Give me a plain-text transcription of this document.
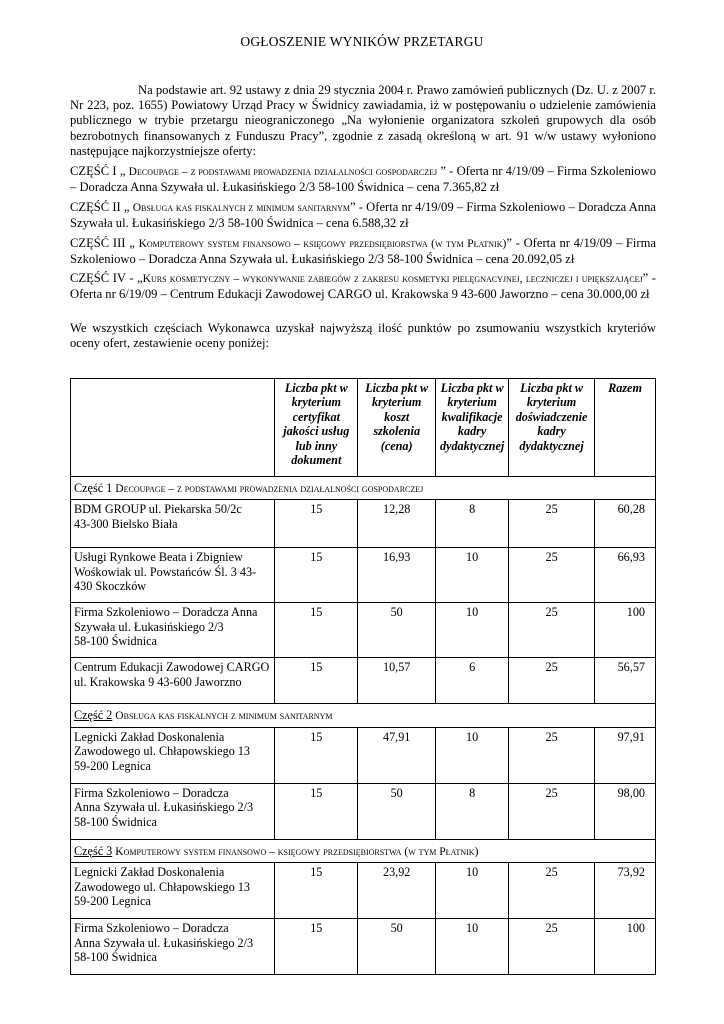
OGŁOSZENIE WYNIKÓW PRZETARGU
Na podstawie art. 92 ustawy z dnia 29 stycznia 2004 r. Prawo zamówień publicznych (Dz. U. z 2007 r. Nr 223, poz. 1655) Powiatowy Urząd Pracy w Świdnicy zawiadamia, iż w postępowaniu o udzielenie zamówienia publicznego w trybie przetargu nieograniczonego „Na wyłonienie organizatora szkoleń grupowych dla osób bezrobotnych finansowanych z Funduszu Pracy”, zgodnie z zasadą określoną w art. 91 w/w ustawy wyłoniono następujące najkorzystniejsze oferty:
CZĘŚĆ I „ Decoupage – z podstawami prowadzenia działalności gospodarczej ” - Oferta nr 4/19/09 – Firma Szkoleniowo – Doradcza Anna Szywała ul. Łukasińskiego 2/3 58-100 Świdnica – cena 7.365,82 zł
CZĘŚĆ II „ Obsługa kas fiskalnych z minimum sanitarnym” - Oferta nr 4/19/09 – Firma Szkoleniowo – Doradcza Anna Szywała ul. Łukasińskiego 2/3 58-100 Świdnica – cena 6.588,32 zł
CZĘŚĆ III „ Komputerowy system finansowo – księgowy przedsiębiorstwa (w tym Płatnik)” - Oferta nr 4/19/09 – Firma Szkoleniowo – Doradcza Anna Szywała ul. Łukasińskiego 2/3 58-100 Świdnica – cena 20.092,05 zł
CZĘŚĆ IV - „Kurs kosmetyczny – wykonywanie zabiegów z zakresu kosmetyki pielęgnacyjnej, leczniczej i upiększającej” - Oferta nr 6/19/09 – Centrum Edukacji Zawodowej CARGO ul. Krakowska 9 43-600 Jaworzno – cena 30.000,00 zł
We wszystkich częściach Wykonawca uzyskał najwyższą ilość punktów po zsumowaniu wszystkich kryteriów oceny ofert, zestawienie oceny poniżej:
	Liczba pkt w kryterium certyfikat jakości usług lub inny dokument	Liczba pkt w kryterium koszt szkolenia (cena)	Liczba pkt w kryterium kwalifikacje kadry dydaktycznej	Liczba pkt w kryterium doświadczenie kadry dydaktycznej	Razem
Część 1 Decoupage – z podstawami prowadzenia działalności gospodarczej					
BDM GROUP ul. Piekarska 50/2c
43-300 Bielsko Biała	15	12,28	8	25	60,28
Usługi Rynkowe Beata i Zbigniew Wośkowiak ul. Powstańców Śl. 3 43-430 Skoczków	15	16,93	10	25	66,93
Firma Szkoleniowo – Doradcza Anna Szywała ul. Łukasińskiego 2/3
58-100 Świdnica	15	50	10	25	100
Centrum Edukacji Zawodowej CARGO
ul. Krakowska 9 43-600 Jaworzno	15	10,57	6	25	56,57
Część 2 Obsługa kas fiskalnych z minimum sanitarnym					
Legnicki Zakład Doskonalenia
Zawodowego ul. Chłapowskiego 13
59-200 Legnica	15	47,91	10	25	97,91
Firma Szkoleniowo – Doradcza
Anna Szywała ul. Łukasińskiego 2/3
58-100 Świdnica	15	50	8	25	98,00
Część 3 Komputerowy system finansowo – księgowy przedsiębiorstwa (w tym Płatnik)					
Legnicki Zakład Doskonalenia
Zawodowego ul. Chłapowskiego 13
59-200 Legnica	15	23,92	10	25	73,92
Firma Szkoleniowo – Doradcza
Anna Szywała ul. Łukasińskiego 2/3
58-100 Świdnica	15	50	10	25	100
